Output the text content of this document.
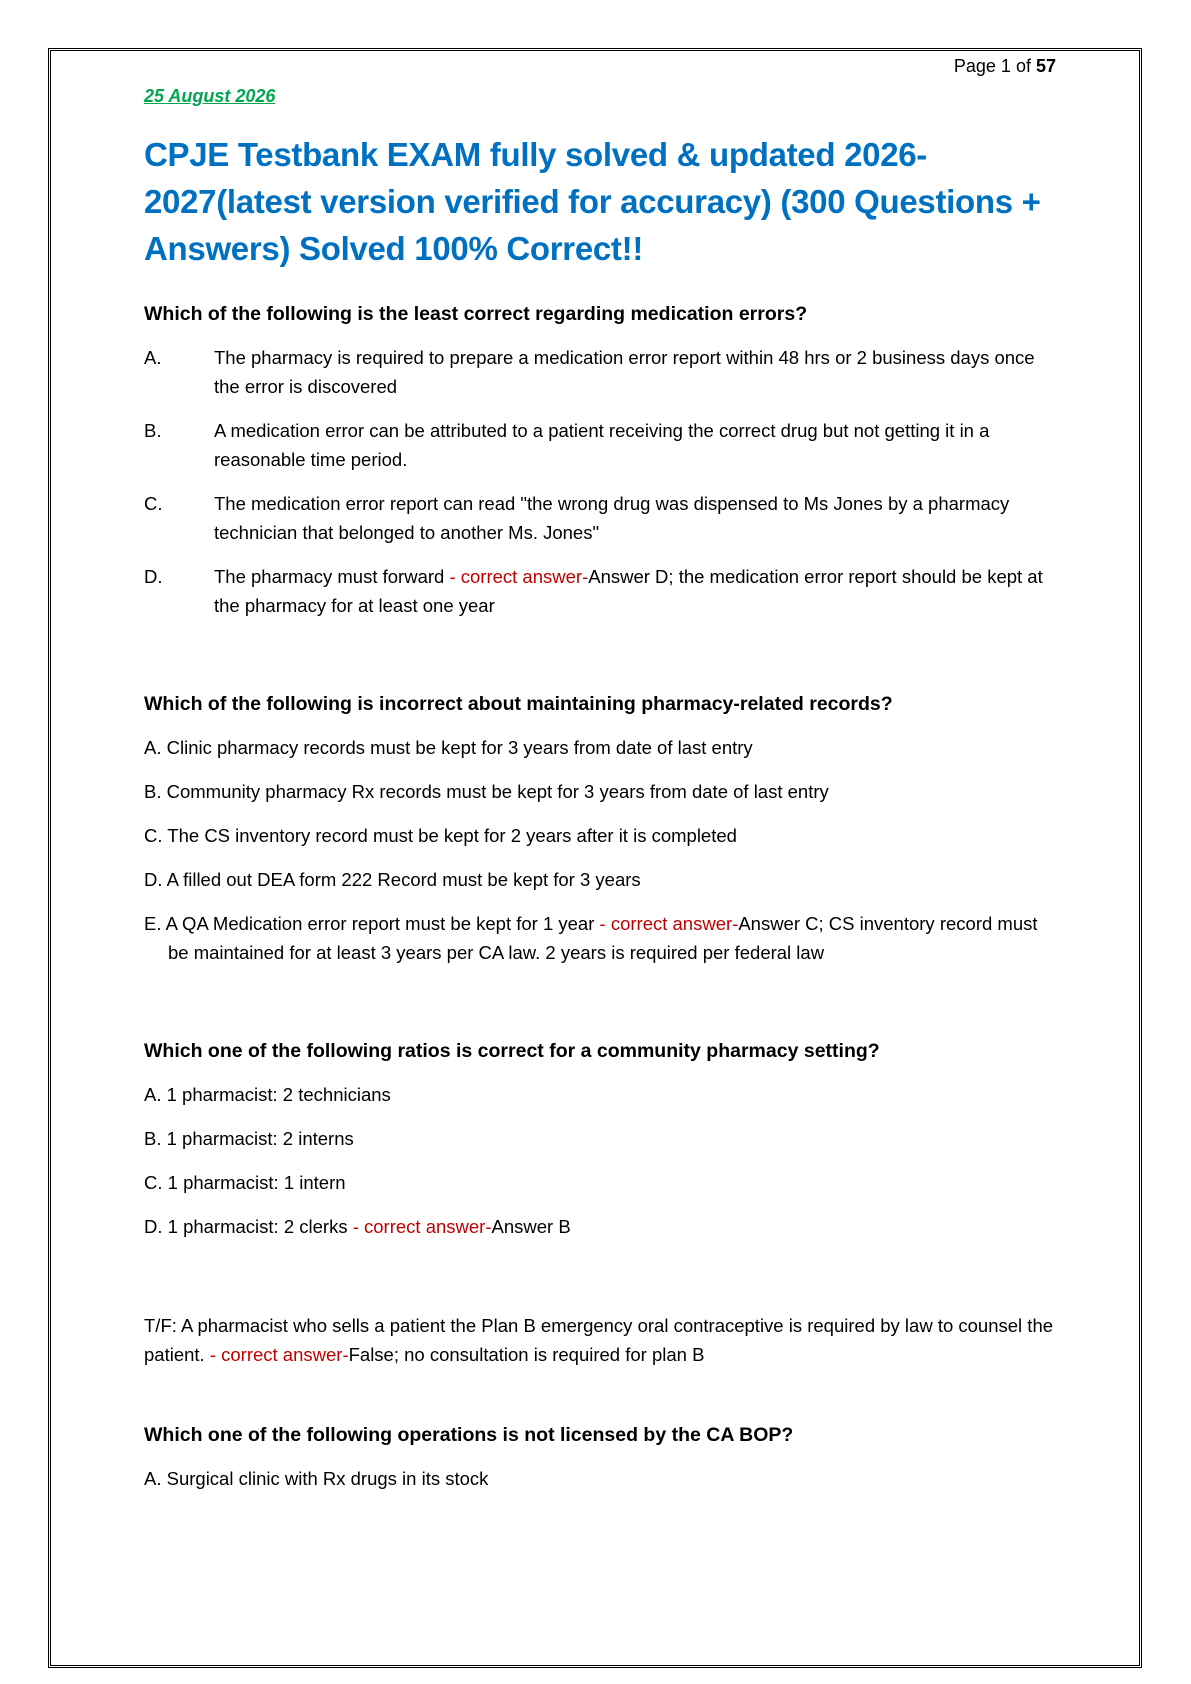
Page 1 of 57
25 August 2026
CPJE Testbank EXAM fully solved & updated 2026-2027(latest version verified for accuracy) (300 Questions + Answers) Solved 100% Correct!!
Which of the following is the least correct regarding medication errors?
A.	The pharmacy is required to prepare a medication error report within 48 hrs or 2 business days once the error is discovered
B.	A medication error can be attributed to a patient receiving the correct drug but not getting it in a reasonable time period.
C.	The medication error report can read "the wrong drug was dispensed to Ms Jones by a pharmacy technician that belonged to another Ms. Jones"
D.	The pharmacy must forward - correct answer-Answer D; the medication error report should be kept at the pharmacy for at least one year
Which of the following is incorrect about maintaining pharmacy-related records?
A. Clinic pharmacy records must be kept for 3 years from date of last entry
B. Community pharmacy Rx records must be kept for 3 years from date of last entry
C. The CS inventory record must be kept for 2 years after it is completed
D. A filled out DEA form 222 Record must be kept for 3 years
E. A QA Medication error report must be kept for 1 year - correct answer-Answer C; CS inventory record must be maintained for at least 3 years per CA law. 2 years is required per federal law
Which one of the following ratios is correct for a community pharmacy setting?
A. 1 pharmacist: 2 technicians
B. 1 pharmacist: 2 interns
C. 1 pharmacist: 1 intern
D. 1 pharmacist: 2 clerks - correct answer-Answer B
T/F: A pharmacist who sells a patient the Plan B emergency oral contraceptive is required by law to counsel the patient. - correct answer-False; no consultation is required for plan B
Which one of the following operations is not licensed by the CA BOP?
A. Surgical clinic with Rx drugs in its stock
